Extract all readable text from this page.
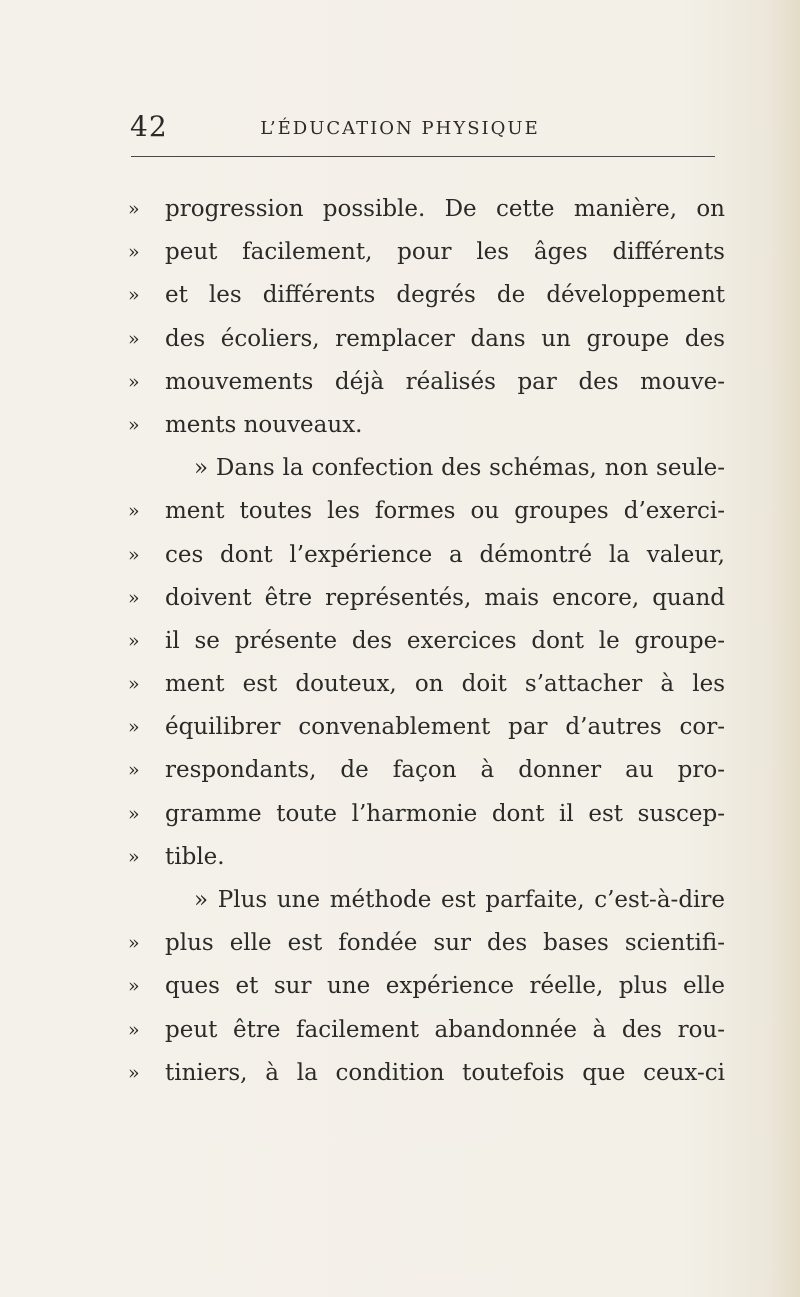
42	L’ÉDUCATION PHYSIQUE
»	progression possible. De cette manière, on
»	peut facilement, pour les âges différents
»	et les différents degrés de développement
»	des écoliers, remplacer dans un groupe des
»	mouvements déjà réalisés par des mouve-
»	ments nouveaux.
» Dans la confection des schémas, non seule-
»	ment toutes les formes ou groupes d’exerci-
»	ces dont l’expérience a démontré la valeur,
»	doivent être représentés, mais encore, quand
»	il se présente des exercices dont le groupe-
»	ment est douteux, on doit s’attacher à les
»	équilibrer convenablement par d’autres cor-
»	respondants, de façon à donner au pro-
»	gramme toute l’harmonie dont il est suscep-
»	tible.
» Plus une méthode est parfaite, c’est-à-dire
»	plus elle est fondée sur des bases scientifi-
»	ques et sur une expérience réelle, plus elle
»	peut être facilement abandonnée à des rou-
»	tiniers, à la condition toutefois que ceux-ci
